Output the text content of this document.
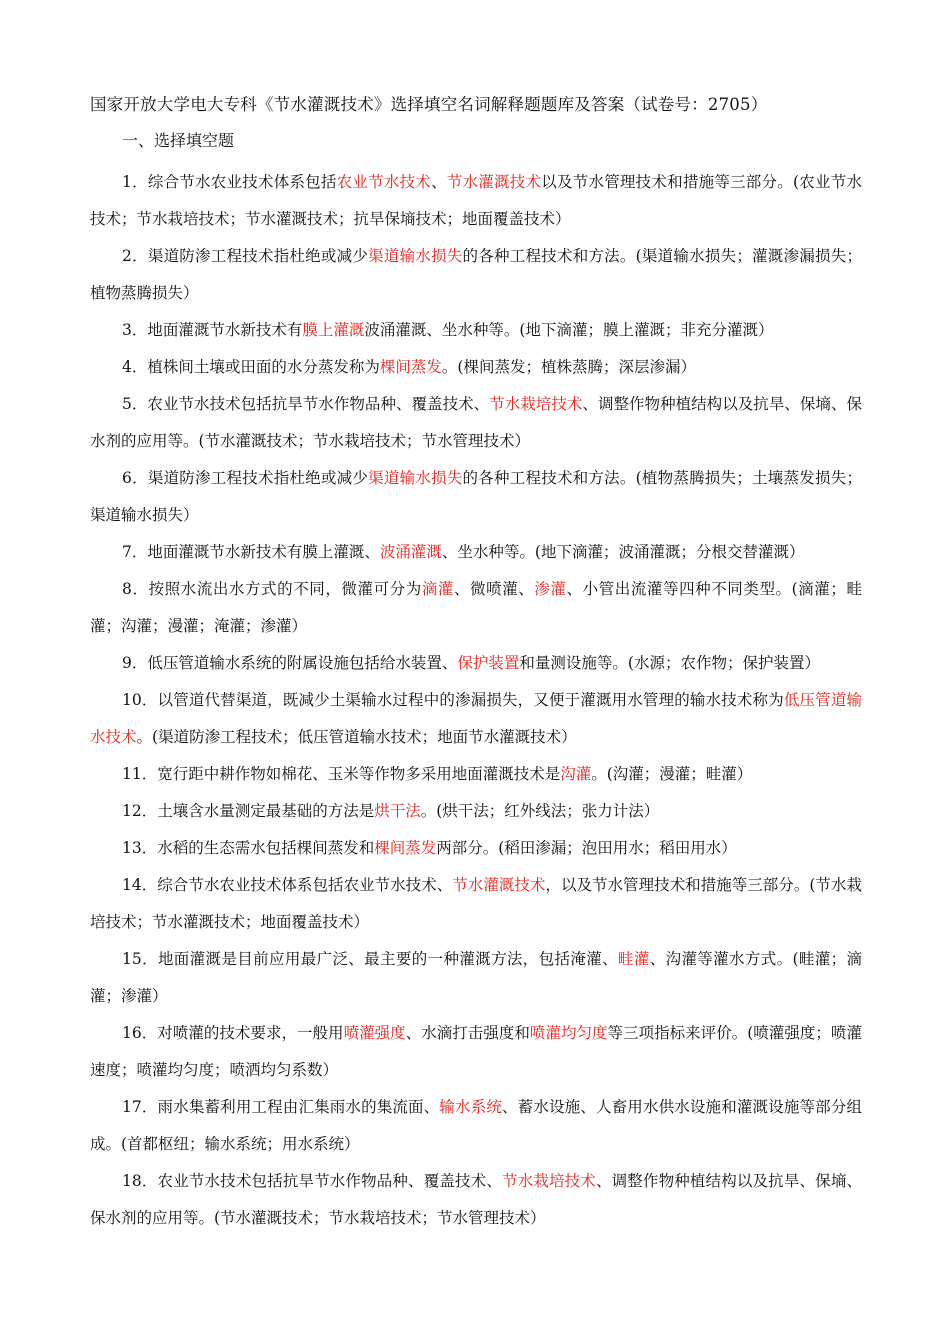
国家开放大学电大专科《节水灌溉技术》选择填空名词解释题题库及答案（试卷号：2705）
一、选择填空题

1．综合节水农业技术体系包括农业节水技术、节水灌溉技术以及节水管理技术和措施等三部分。(农业节水技术；节水栽培技术；节水灌溉技术；抗旱保墒技术；地面覆盖技术）

2．渠道防渗工程技术指杜绝或减少渠道输水损失的各种工程技术和方法。(渠道输水损失；灌溉渗漏损失；植物蒸腾损失）

3．地面灌溉节水新技术有膜上灌溉波涌灌溉、坐水种等。(地下滴灌；膜上灌溉；非充分灌溉）

4．植株间土壤或田面的水分蒸发称为棵间蒸发。(棵间蒸发；植株蒸腾；深层渗漏）

5．农业节水技术包括抗旱节水作物品种、覆盖技术、节水栽培技术、调整作物种植结构以及抗旱、保墒、保水剂的应用等。(节水灌溉技术；节水栽培技术；节水管理技术）

6．渠道防渗工程技术指杜绝或减少渠道输水损失的各种工程技术和方法。(植物蒸腾损失；土壤蒸发损失；渠道输水损失）

7．地面灌溉节水新技术有膜上灌溉、波涌灌溉、坐水种等。(地下滴灌；波涌灌溉；分根交替灌溉）

8．按照水流出水方式的不同，微灌可分为滴灌、微喷灌、渗灌、小管出流灌等四种不同类型。(滴灌；畦灌；沟灌；漫灌；淹灌；渗灌）

9．低压管道输水系统的附属设施包括给水装置、保护装置和量测设施等。(水源；农作物；保护装置）

10．以管道代替渠道，既减少土渠输水过程中的渗漏损失，又便于灌溉用水管理的输水技术称为低压管道输水技术。(渠道防渗工程技术；低压管道输水技术；地面节水灌溉技术）

11．宽行距中耕作物如棉花、玉米等作物多采用地面灌溉技术是沟灌。(沟灌；漫灌；畦灌）

12．土壤含水量测定最基础的方法是烘干法。(烘干法；红外线法；张力计法）

13．水稻的生态需水包括棵间蒸发和棵间蒸发两部分。(稻田渗漏；泡田用水；稻田用水）

14．综合节水农业技术体系包括农业节水技术、节水灌溉技术，以及节水管理技术和措施等三部分。(节水栽培技术；节水灌溉技术；地面覆盖技术）

15．地面灌溉是目前应用最广泛、最主要的一种灌溉方法，包括淹灌、畦灌、沟灌等灌水方式。(畦灌；滴灌；渗灌）

16．对喷灌的技术要求，一般用喷灌强度、水滴打击强度和喷灌均匀度等三项指标来评价。(喷灌强度；喷灌速度；喷灌均匀度；喷洒均匀系数）

17．雨水集蓄利用工程由汇集雨水的集流面、输水系统、蓄水设施、人畜用水供水设施和灌溉设施等部分组成。(首都枢纽；输水系统；用水系统）

18．农业节水技术包括抗旱节水作物品种、覆盖技术、节水栽培技术、调整作物种植结构以及抗旱、保墒、保水剂的应用等。(节水灌溉技术；节水栽培技术；节水管理技术）
